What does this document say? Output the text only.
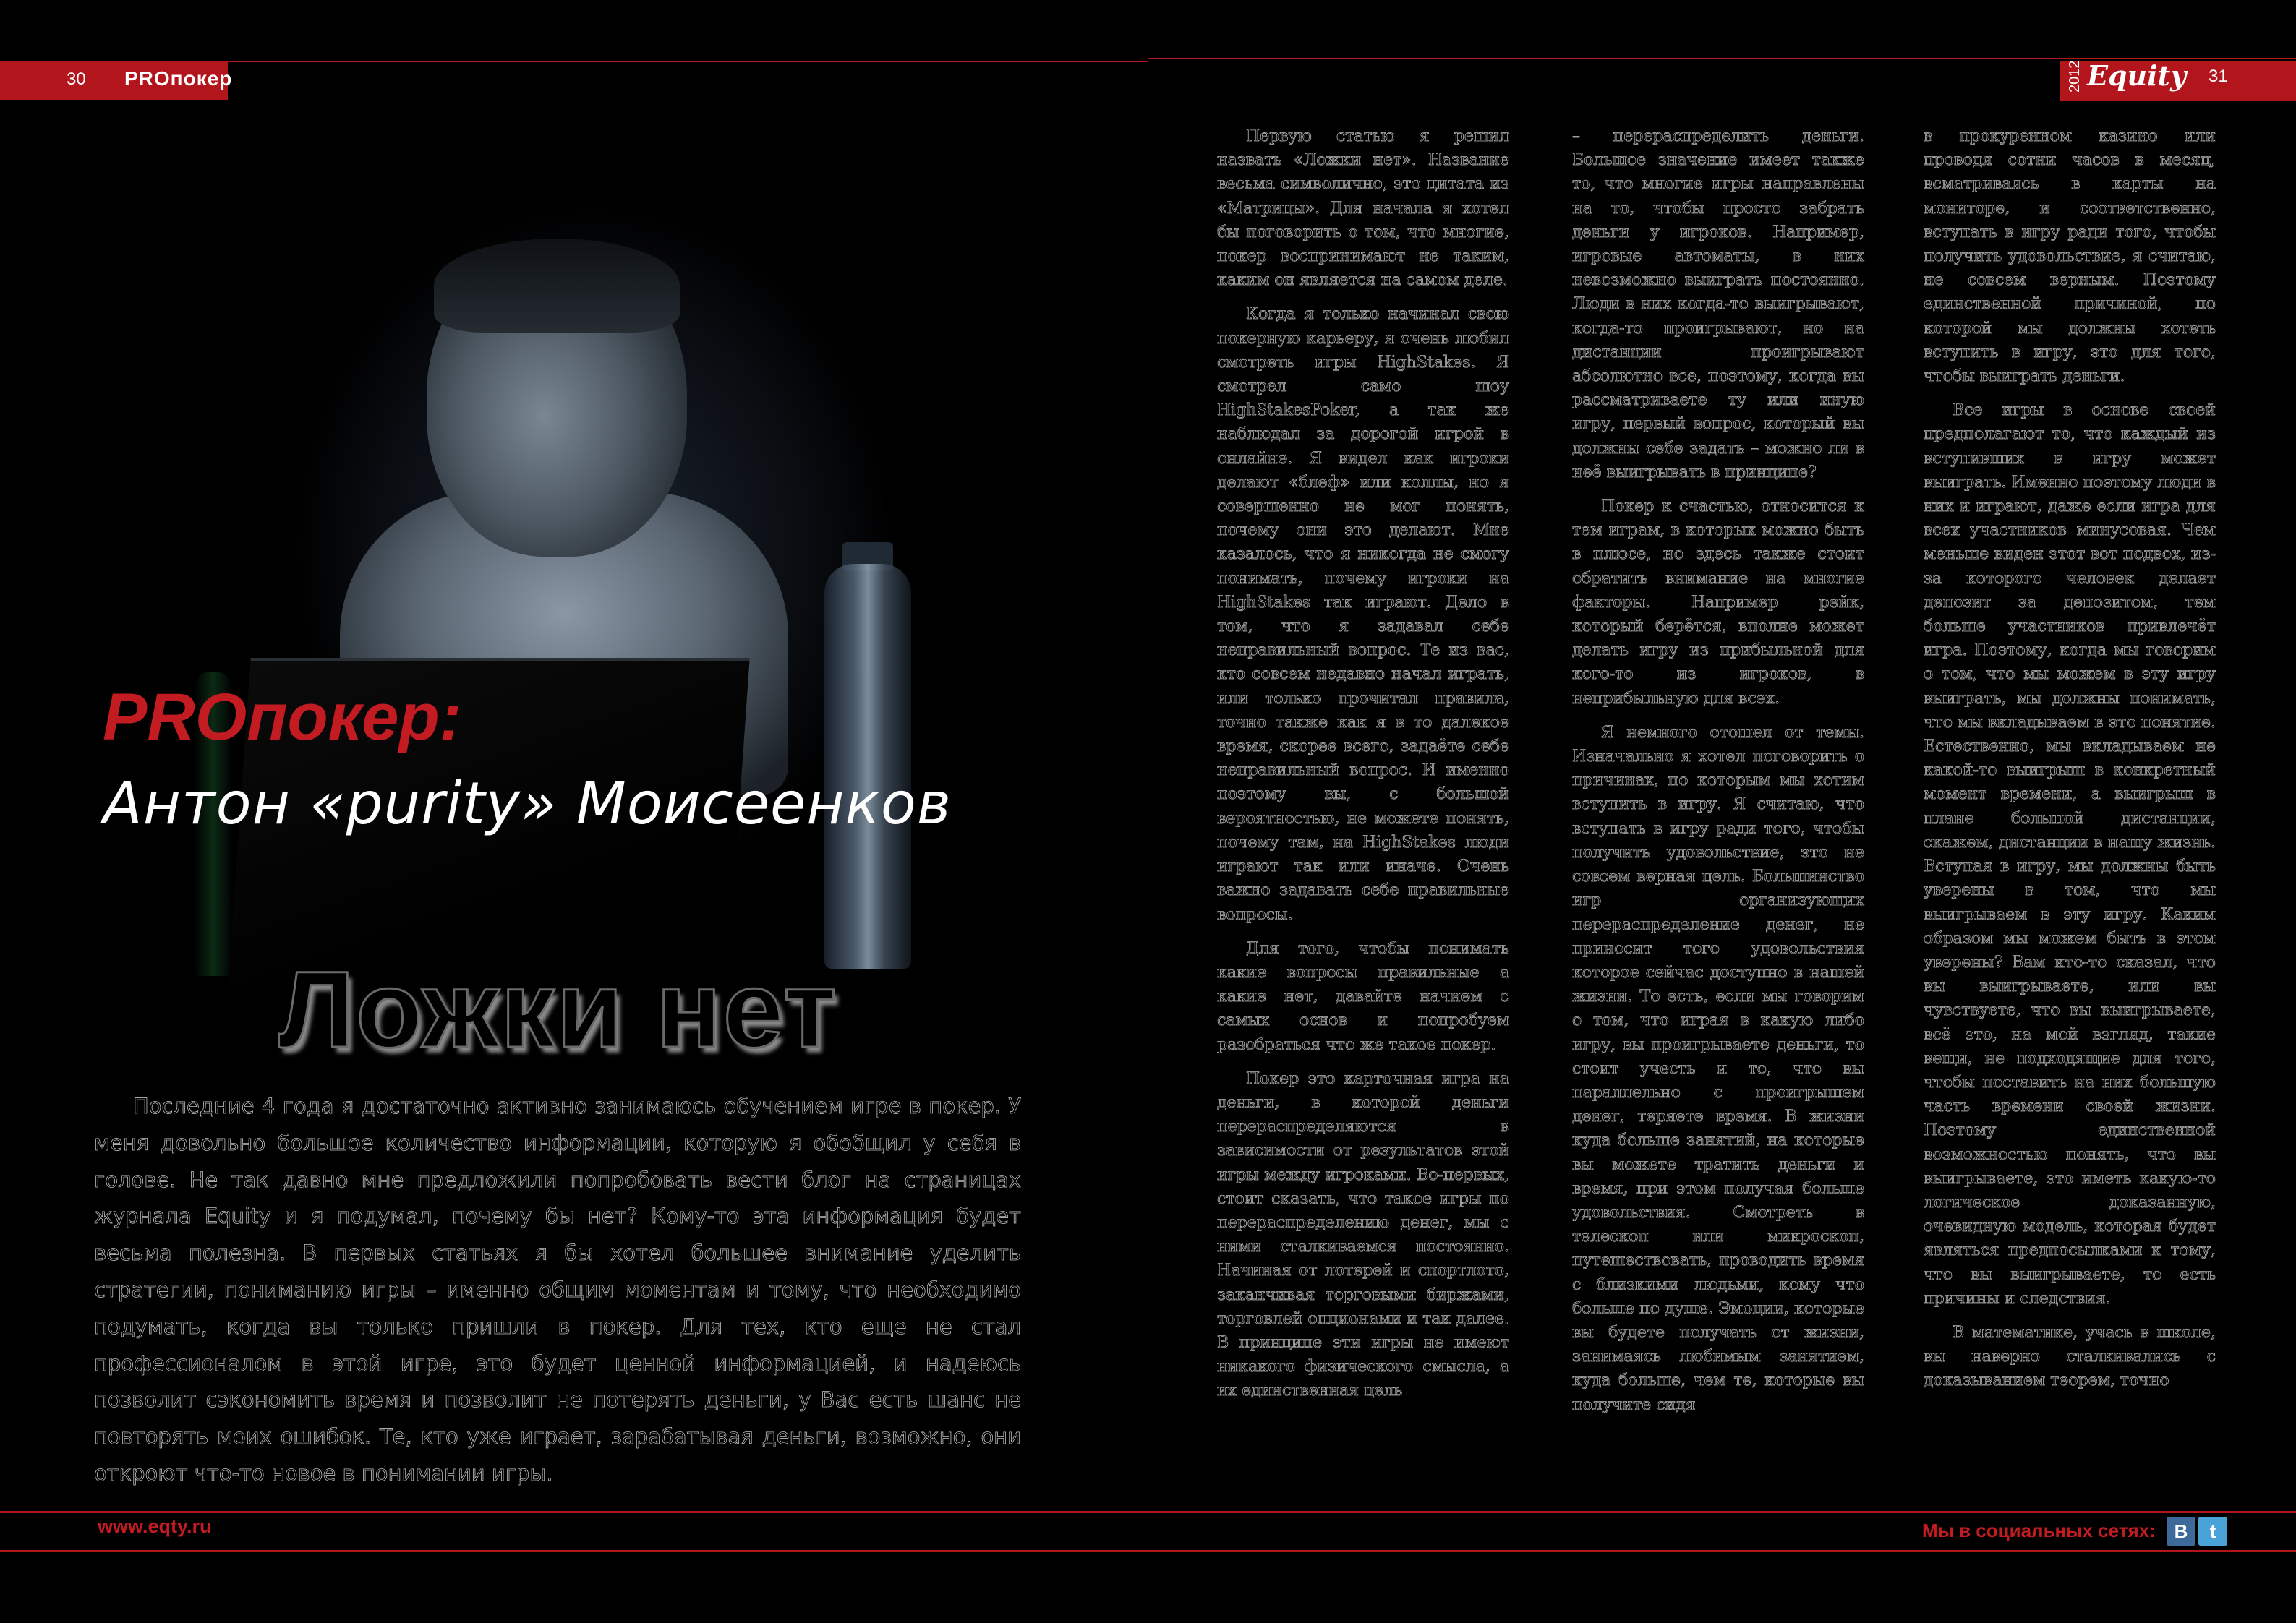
30 PROпокер
PROпокер:
Антон «purity» Моисеенков
Ложки нет

Последние 4 года я достаточно активно занимаюсь обучением игре в покер. У меня довольно большое количество информации, которую я обобщил у себя в голове. Не так давно мне предложили попробовать вести блог на страницах журнала Equity и я подумал, почему бы нет? Кому-то эта информация будет весьма полезна. В первых статьях я бы хотел большее внимание уделить стратегии, пониманию игры – именно общим моментам и тому, что необходимо подумать, когда вы только пришли в покер. Для тех, кто еще не стал профессионалом в этой игре, это будет ценной информацией, и надеюсь позволит сэкономить время и позволит не потерять деньги, у Вас есть шанс не повторять моих ошибок. Те, кто уже играет, зарабатывая деньги, возможно, они откроют что-то новое в понимании игры.

www.eqty.ru
2012 Equity 31

Первую статью я решил назвать «Ложки нет». Название весьма символично, это цитата из «Матрицы». Для начала я хотел бы поговорить о том, что многие, покер воспринимают не таким, каким он является на самом деле.

Когда я только начинал свою покерную карьеру, я очень любил смотреть игры HighStakes. Я смотрел само шоу HighStakesPoker, а так же наблюдал за дорогой игрой в онлайне. Я видел как игроки делают «блеф» или коллы, но я совершенно не мог понять, почему они это делают. Мне казалось, что я никогда не смогу понимать, почему игроки на HighStakes так играют. Дело в том, что я задавал себе неправильный вопрос. Те из вас, кто совсем недавно начал играть, или только прочитал правила, точно также как я в то далекое время, скорее всего, задаёте себе неправильный вопрос. И именно поэтому вы, с большой вероятностью, не можете понять, почему там, на HighStakes люди играют так или иначе. Очень важно задавать себе правильные вопросы.

Для того, чтобы понимать какие вопросы правильные а какие нет, давайте начнем с самых основ и попробуем разобраться что же такое покер.

Покер это карточная игра на деньги, в которой деньги перераспределяются в зависимости от результатов этой игры между игроками. Во-первых, стоит сказать, что такое игры по перераспределению денег, мы с ними сталкиваемся постоянно. Начиная от лотерей и спортлото, заканчивая торговыми биржами, торговлей опционами и так далее. В принципе эти игры не имеют никакого физического смысла, а их единственная цель

– перераспределить деньги. Большое значение имеет также то, что многие игры направлены на то, чтобы просто забрать деньги у игроков. Например, игровые автоматы, в них невозможно выиграть постоянно. Люди в них когда-то выигрывают, когда-то проигрывают, но на дистанции проигрывают абсолютно все, поэтому, когда вы рассматриваете ту или иную игру, первый вопрос, который вы должны себе задать – можно ли в неё выигрывать в принципе?

Покер к счастью, относится к тем играм, в которых можно быть в плюсе, но здесь также стоит обратить внимание на многие факторы. Например рейк, который берётся, вполне может делать игру из прибыльной для кого-то из игроков, в неприбыльную для всех.

Я немного отошел от темы. Изначально я хотел поговорить о причинах, по которым мы хотим вступить в игру. Я считаю, что вступать в игру ради того, чтобы получить удовольствие, это не совсем верная цель. Большинство игр организующих перераспределение денег, не приносит того удовольствия которое сейчас доступно в нашей жизни. То есть, если мы говорим о том, что играя в какую либо игру, вы проигрываете деньги, то стоит учесть и то, что вы параллельно с проигрышем денег, теряете время. В жизни куда больше занятий, на которые вы можете тратить деньги и время, при этом получая больше удовольствия. Смотреть в телескоп или микроскоп, путешествовать, проводить время с близкими людьми, кому что больше по душе. Эмоции, которые вы будете получать от жизни, занимаясь любимым занятием, куда больше, чем те, которые вы получите сидя

в прокуренном казино или проводя сотни часов в месяц, всматриваясь в карты на мониторе, и соответственно, вступать в игру ради того, чтобы получить удовольствие, я считаю, не совсем верным. Поэтому единственной причиной, по которой мы должны хотеть вступить в игру, это для того, чтобы выиграть деньги.

Все игры в основе своей предполагают то, что каждый из вступивших в игру может выиграть. Именно поэтому люди в них и играют, даже если игра для всех участников минусовая. Чем меньше виден этот вот подвох, из-за которого человек делает депозит за депозитом, тем больше участников привлечёт игра. Поэтому, когда мы говорим о том, что мы можем в эту игру выиграть, мы должны понимать, что мы вкладываем в это понятие. Естественно, мы вкладываем не какой-то выигрыш в конкретный момент времени, а выигрыш в плане большой дистанции, скажем, дистанции в нашу жизнь. Вступая в игру, мы должны быть уверены в том, что мы выигрываем в эту игру. Каким образом мы можем быть в этом уверены? Вам кто-то сказал, что вы выигрываете, или вы чувствуете, что вы выигрываете, всё это, на мой взгляд, такие вещи, не подходящие для того, чтобы поставить на них большую часть времени своей жизни. Поэтому единственной возможностью понять, что вы выигрываете, это иметь какую-то логическое доказанную, очевидную модель, которая будет являться предпосылками к тому, что вы выигрываете, то есть причины и следствия.

В математике, учась в школе, вы наверно сталкивались с доказыванием теорем, точно

Мы в социальных сетях: B	t
